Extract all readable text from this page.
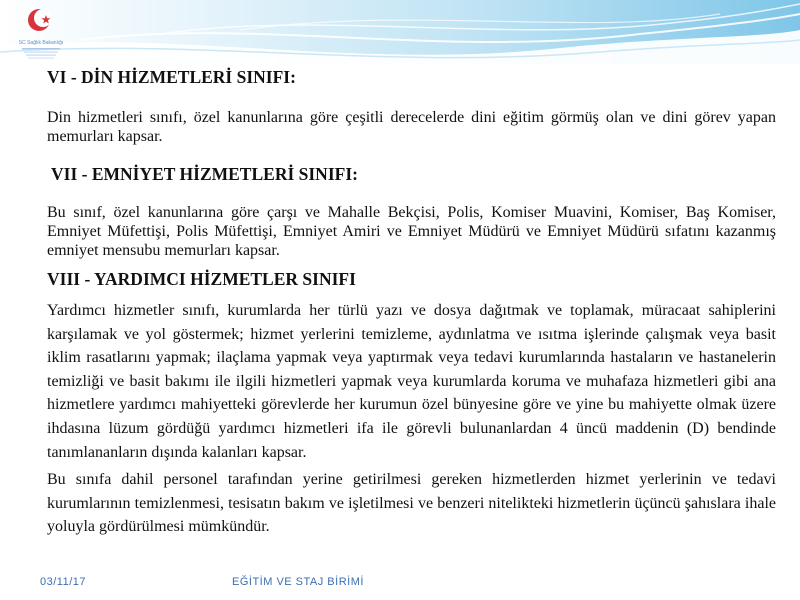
SC Sağlık Bakanlığı
VI - DİN HİZMETLERİ SINIFI:

Din hizmetleri sınıfı, özel kanunlarına göre çeşitli derecelerde dini eğitim görmüş olan ve dini görev yapan memurları kapsar.

VII - EMNİYET HİZMETLERİ SINIFI:

Bu sınıf, özel kanunlarına göre çarşı ve Mahalle Bekçisi, Polis, Komiser Muavini, Komiser, Baş Komiser, Emniyet Müfettişi, Polis Müfettişi, Emniyet Amiri ve Emniyet Müdürü ve Emniyet Müdürü sıfatını kazanmış emniyet mensubu memurları kapsar.

VIII - YARDIMCI HİZMETLER SINIFI

Yardımcı hizmetler sınıfı, kurumlarda her türlü yazı ve dosya dağıtmak ve toplamak, müracaat sahiplerini karşılamak ve yol göstermek; hizmet yerlerini temizleme, aydınlatma ve ısıtma işlerinde çalışmak veya basit iklim rasatlarını yapmak; ilaçlama yapmak veya yaptırmak veya tedavi kurumlarında hastaların ve hastanelerin temizliği ve basit bakımı ile ilgili hizmetleri yapmak veya kurumlarda koruma ve muhafaza hizmetleri gibi ana hizmetlere yardımcı mahiyetteki görevlerde her kurumun özel bünyesine göre ve yine bu mahiyette olmak üzere ihdasına lüzum gördüğü yardımcı hizmetleri ifa ile görevli bulunanlardan 4 üncü maddenin (D) bendinde tanımlananların dışında kalanları kapsar.

Bu sınıfa dahil personel tarafından yerine getirilmesi gereken hizmetlerden hizmet yerlerinin ve tedavi kurumlarının temizlenmesi, tesisatın bakım ve işletilmesi ve benzeri nitelikteki hizmetlerin üçüncü şahıslara ihale yoluyla gördürülmesi mümkündür.

03/11/17	EĞİTİM VE STAJ BİRİMİ
